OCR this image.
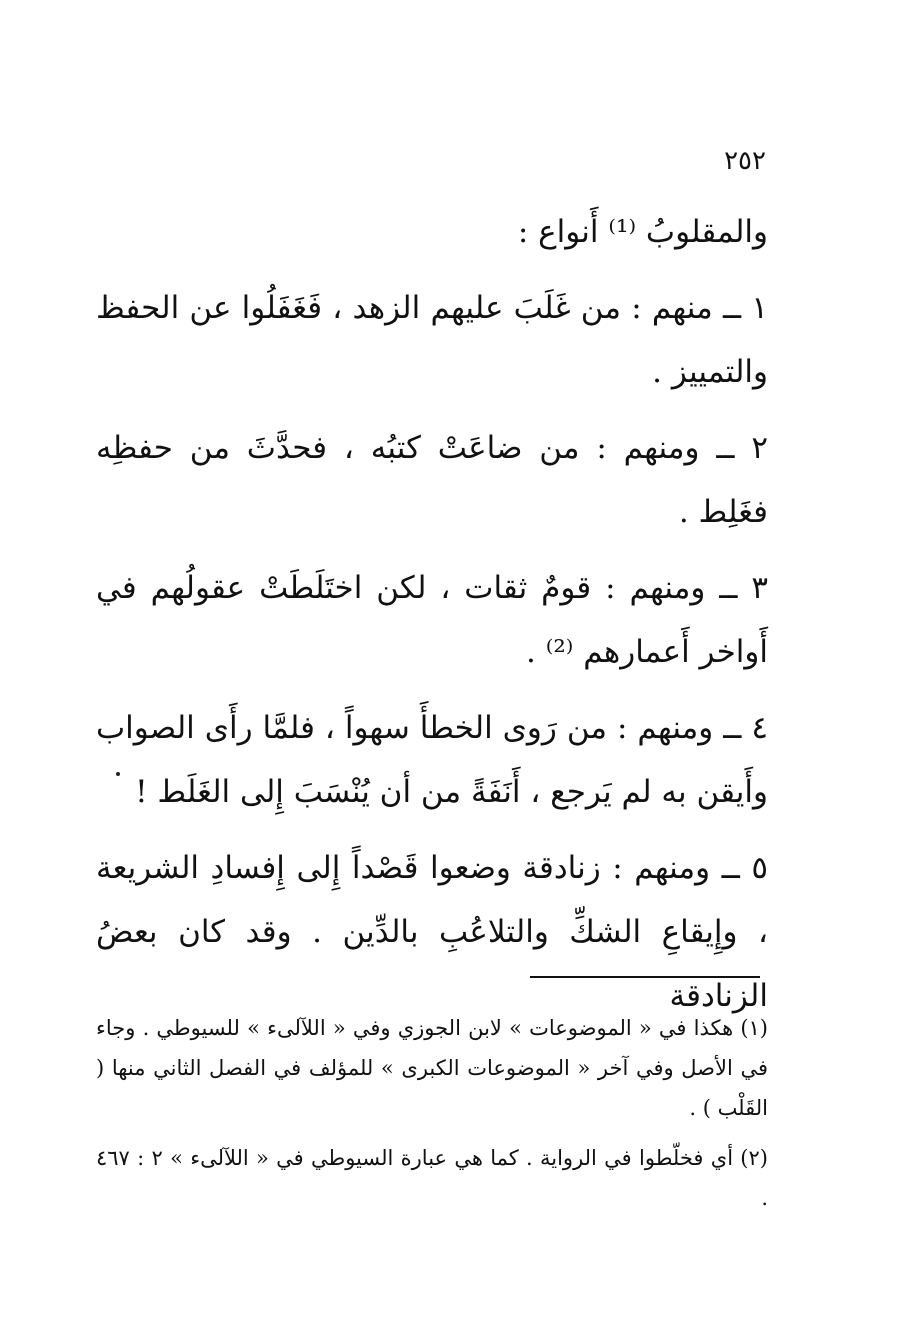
٢٥٢

والمقلوبُ ⁽¹⁾ أَنواع :

١ ــ منهم : من غَلَبَ عليهم الزهد ، فَغَفَلُوا عن الحفظ والتمييز .

٢ ــ ومنهم : من ضاعَتْ كتبُه ، فحدَّثَ من حفظِه فغَلِط .

٣ ــ ومنهم : قومٌ ثقات ، لكن اختَلَطَتْ عقولُهم في أَواخر أَعمارهم ⁽²⁾ .

٤ ــ ومنهم : من رَوى الخطأَ سهواً ، فلمَّا رأَى الصواب وأَيقن به لم يَرجع ، أَنَفَةً من أن يُنْسَبَ إِلى الغَلَط !

٥ ــ ومنهم : زنادقة وضعوا قَصْداً إِلى إِفسادِ الشريعة ، وإِيقاعِ الشكِّ والتلاعُبِ بالدِّين . وقد كان بعضُ الزنادقة

(١) هكذا في « الموضوعات » لابن الجوزي وفي « اللآلىء » للسيوطي . وجاء في الأصل وفي آخر « الموضوعات الكبرى » للمؤلف في الفصل الثاني منها ( القَلْب ) .

(٢) أي فخلّطوا في الرواية . كما هي عبارة السيوطي في « اللآلىء » ٢ : ٤٦٧ .
